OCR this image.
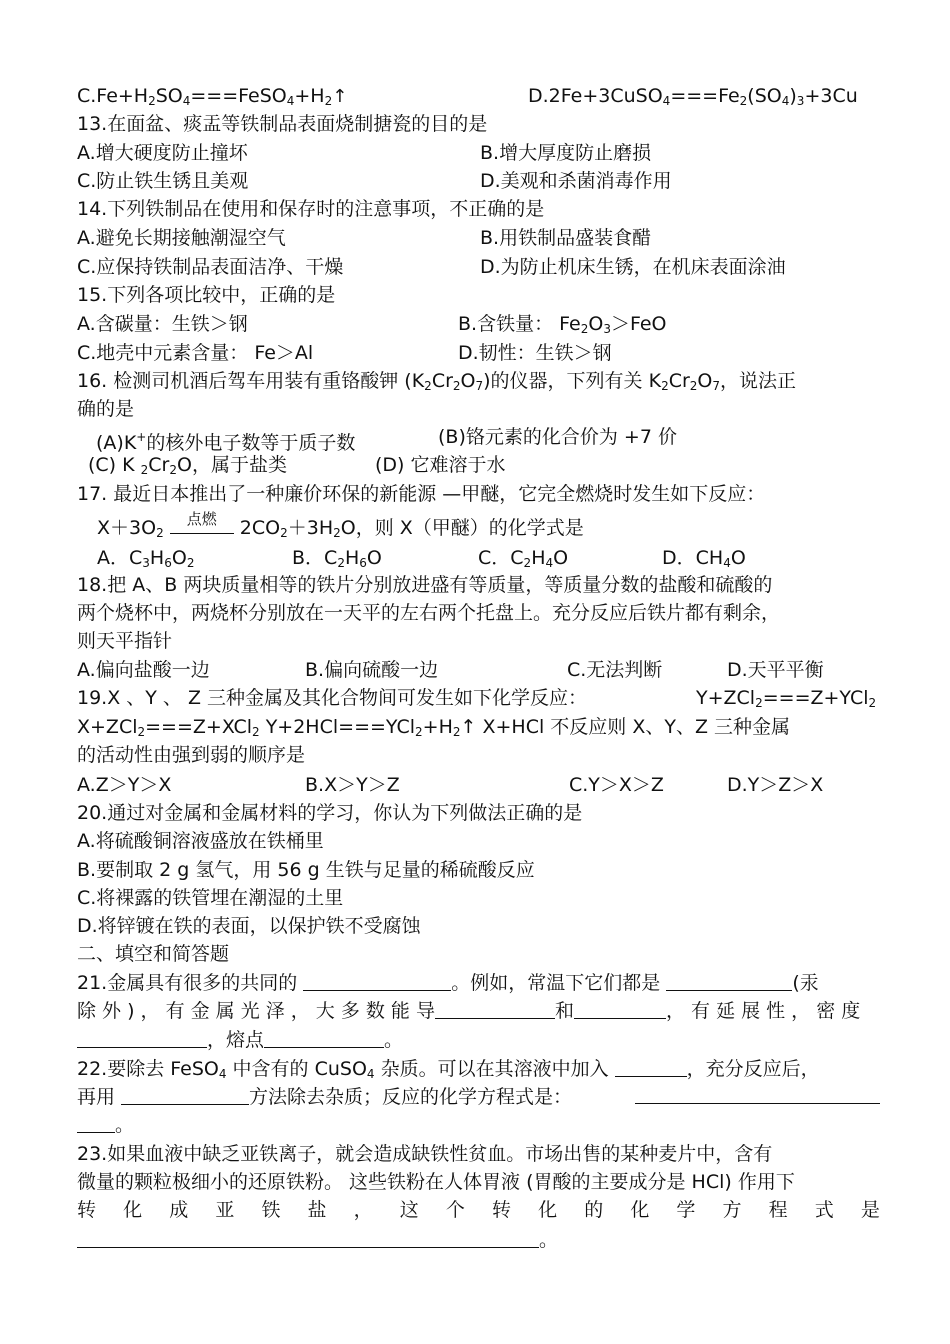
$C.Fe+H_2SO_4===FeSO_4+H_2↑$	$D.2Fe+3CuSO_4===Fe_2(SO_4)_3+3Cu$
13.在面盆、痰盂等铁制品表面烧制搪瓷的目的是
A.增大硬度防止撞坏	B.增大厚度防止磨损
C.防止铁生锈且美观	D.美观和杀菌消毒作用
14.下列铁制品在使用和保存时的注意事项，不正确的是
A.避免长期接触潮湿空气	B.用铁制品盛装食醋
C.应保持铁制品表面洁净、干燥	D.为防止机床生锈，在机床表面涂油
15.下列各项比较中，正确的是
A.含碳量：生铁＞钢	B.含铁量： $Fe_2O_3>FeO$
C.地壳中元素含量： Fe＞Al	D.韧性：生铁＞钢
16. 检测司机酒后驾车用装有重铬酸钾 $(K_2Cr_2O_7)$的仪器，下列有关 $K_2Cr_2O_7$，说法正
确的是
(A)K+的核外电子数等于质子数	(B)铬元素的化合价为 +7 价
(C) K $_2Cr_2O$，属于盐类	(D) 它难溶于水
17. 最近日本推出了一种廉价环保的新能源 —甲醚，它完全燃烧时发生如下反应：
$X+3O_2$
点燃	$2CO_2+3H_2O$，则 X（甲醚）的化学式是
A．$C_3H_6O_2$	B．$C_2H_6O$	C．$C_2H_4O$	D．$CH_4O$
18.把 A、B 两块质量相等的铁片分别放进盛有等质量，等质量分数的盐酸和硫酸的
两个烧杯中，两烧杯分别放在一天平的左右两个托盘上。充分反应后铁片都有剩余，
则天平指针
A.偏向盐酸一边	B.偏向硫酸一边	C.无法判断	D.天平平衡
19.X 、Y 、 Z 三种金属及其化合物间可发生如下化学反应：	Y+ZCl$_2$===Z+YCl$_2$
X+ZCl$_2$===Z+XCl$_2$ $Y+2HCl===YCl_2+H_2↑$ X+HCl 不反应则 X、Y、Z 三种金属
的活动性由强到弱的顺序是
A.Z＞Y＞X	B.X＞Y＞Z	C.Y＞X＞Z	D.Y＞Z＞X
20.通过对金属和金属材料的学习，你认为下列做法正确的是
A.将硫酸铜溶液盛放在铁桶里
B.要制取 2 g 氢气，用 56 g 生铁与足量的稀硫酸反应
C.将裸露的铁管埋在潮湿的土里
D.将锌镀在铁的表面，以保护铁不受腐蚀
二、填空和简答题
21.金属具有很多的共同的	。例如，常温下它们都是	(汞
除 外 ) ， 有 金 属 光 泽 ， 大 多 数 能 导	和	， 有 延 展 性 ， 密 度
，熔点	。
22.要除去 FeSO$_4$ 中含有的 CuSO$_4$ 杂质。可以在其溶液中加入	，充分反应后，
再用	方法除去杂质；反应的化学方程式是：
。
23.如果血液中缺乏亚铁离子，就会造成缺铁性贫血。市场出售的某种麦片中，含有
微量的颗粒极细小的还原铁粉。 这些铁粉在人体胃液 (胃酸的主要成分是 HCl) 作用下
转 化 成 亚 铁 盐 ， 这 个 转 化 的 化 学 方 程 式 是
。
